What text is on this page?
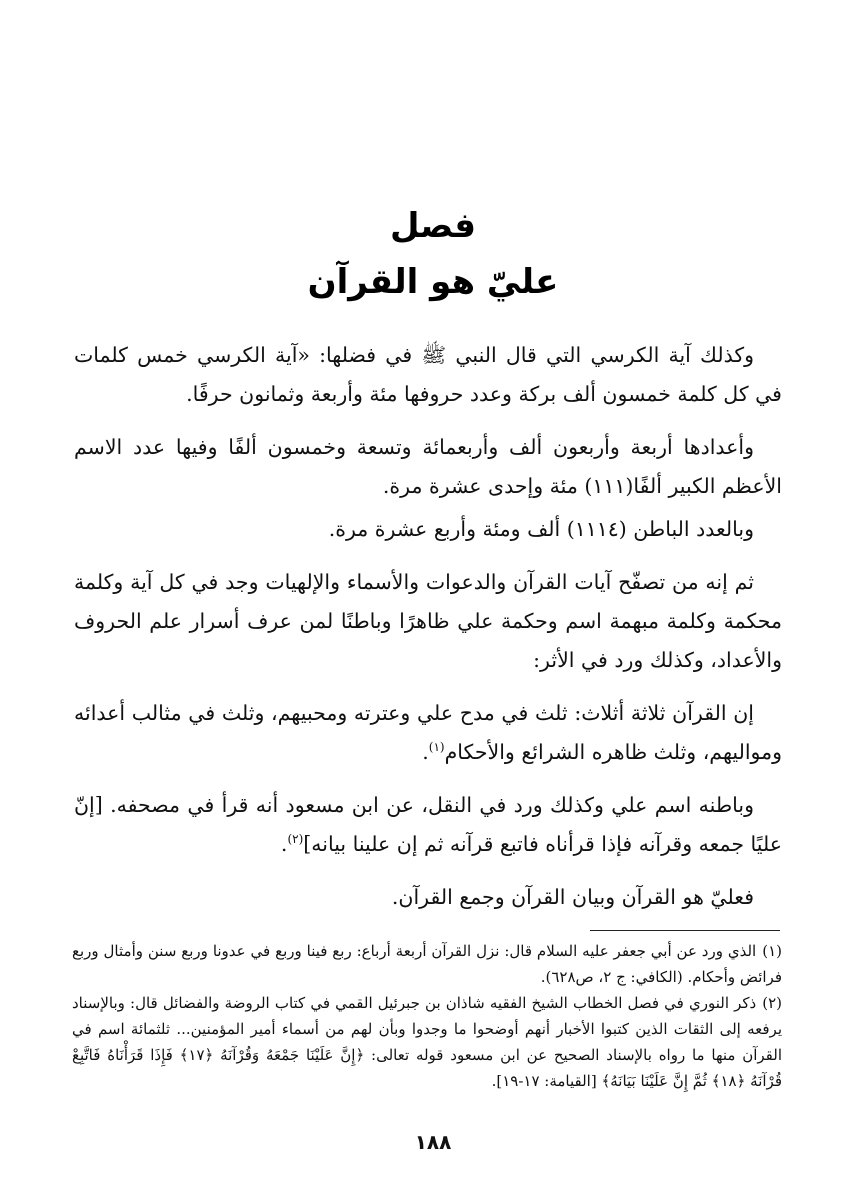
فصل
عليّ هو القرآن

وكذلك آية الكرسي التي قال النبي ﷺ في فضلها: «آية الكرسي خمس كلمات في كل كلمة خمسون ألف بركة وعدد حروفها مئة وأربعة وثمانون حرفًا.

وأعدادها أربعة وأربعون ألف وأربعمائة وتسعة وخمسون ألفًا وفيها عدد الاسم الأعظم الكبير ألفًا(١١١) مئة وإحدى عشرة مرة.

وبالعدد الباطن (١١١٤) ألف ومئة وأربع عشرة مرة.

ثم إنه من تصفّح آيات القرآن والدعوات والأسماء والإلهيات وجد في كل آية وكلمة محكمة وكلمة مبهمة اسم وحكمة علي ظاهرًا وباطنًا لمن عرف أسرار علم الحروف والأعداد، وكذلك ورد في الأثر:

إن القرآن ثلاثة أثلاث: ثلث في مدح علي وعترته ومحبيهم، وثلث في مثالب أعدائه ومواليهم، وثلث ظاهره الشرائع والأحكام$^{(١)}$.

وباطنه اسم علي وكذلك ورد في النقل، عن ابن مسعود أنه قرأ في مصحفه. [إنّ عليًا جمعه وقرآنه فإذا قرأناه فاتبع قرآنه ثم إن علينا بيانه]$^{(٢)}$.

فعليّ هو القرآن وبيان القرآن وجمع القرآن.

(١)الذي ورد عن أبي جعفر عليه السلام قال: نزل القرآن أربعة أرباع: ربع فينا وربع في عدونا وربع سنن وأمثال وربع فرائض وأحكام. (الكافي: ج ٢، ص٦٢٨).

(٢)ذكر النوري في فصل الخطاب الشيخ الفقيه شاذان بن جبرئيل القمي في كتاب الروضة والفضائل قال: وبالإسناد يرفعه إلى الثقات الذين كتبوا الأخبار أنهم أوضحوا ما وجدوا وبأن لهم من أسماء أمير المؤمنين... ثلثمائة اسم في القرآن منها ما رواه بالإسناد الصحيح عن ابن مسعود قوله تعالى: ﴿إِنَّ عَلَيْنَا جَمْعَهُ وَقُرْآنَهُ ﴿١٧﴾ فَإِذَا قَرَأْنَاهُ فَاتَّبِعْ قُرْآنَهُ ﴿١٨﴾ ثُمَّ إِنَّ عَلَيْنَا بَيَانَهُ﴾ [القيامة: ١٧-١٩].

١٨٨
